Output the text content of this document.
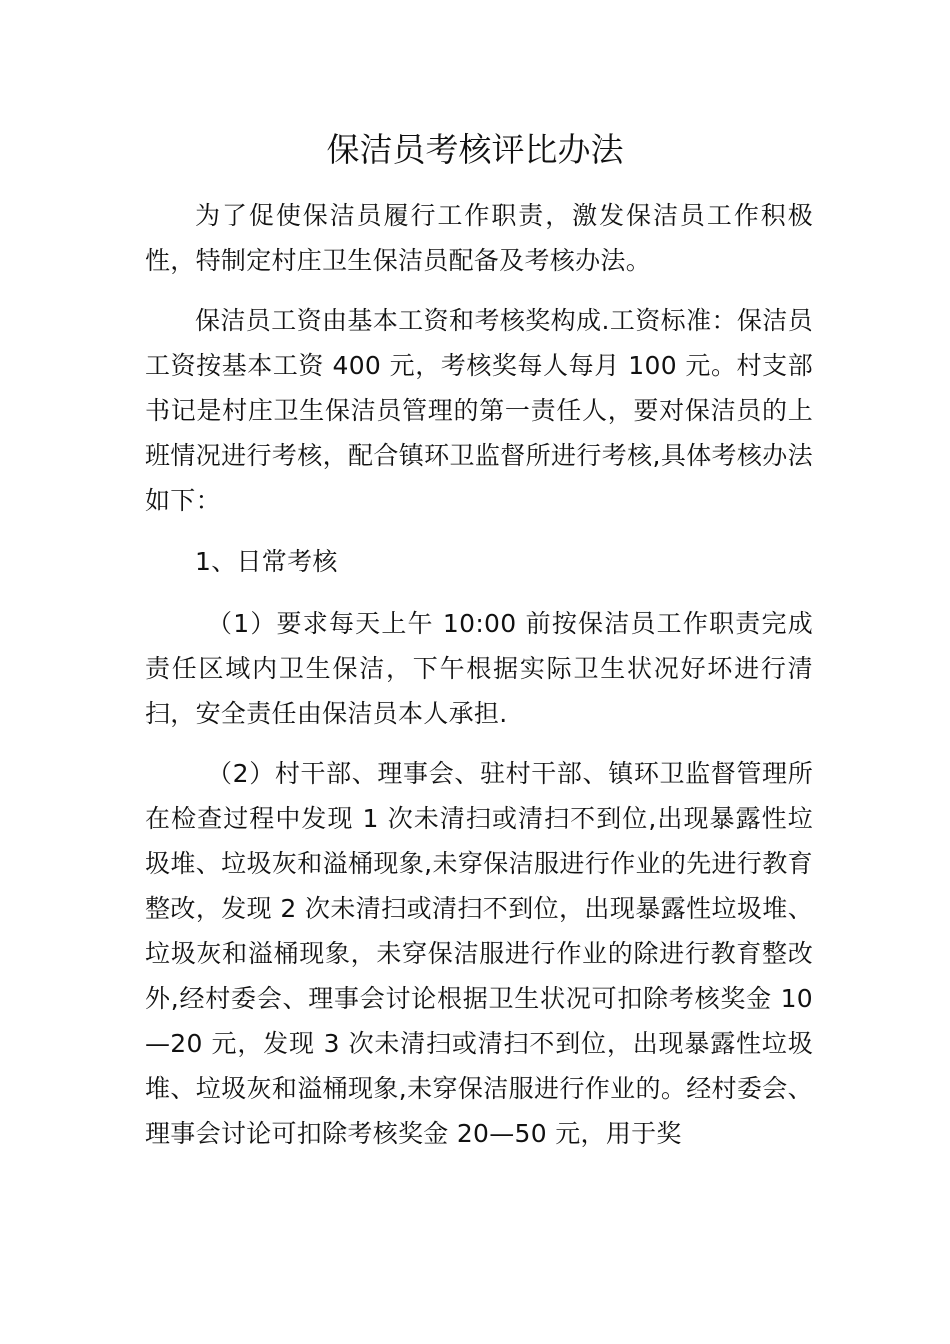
保洁员考核评比办法

为了促使保洁员履行工作职责，激发保洁员工作积极性，特制定村庄卫生保洁员配备及考核办法。

保洁员工资由基本工资和考核奖构成.工资标准：保洁员工资按基本工资 400 元，考核奖每人每月 100 元。村支部书记是村庄卫生保洁员管理的第一责任人，要对保洁员的上班情况进行考核，配合镇环卫监督所进行考核,具体考核办法如下：

1、日常考核

（1）要求每天上午 10:00 前按保洁员工作职责完成责任区域内卫生保洁，下午根据实际卫生状况好坏进行清扫，安全责任由保洁员本人承担.

（2）村干部、理事会、驻村干部、镇环卫监督管理所在检查过程中发现 1 次未清扫或清扫不到位,出现暴露性垃圾堆、垃圾灰和溢桶现象,未穿保洁服进行作业的先进行教育整改，发现 2 次未清扫或清扫不到位，出现暴露性垃圾堆、垃圾灰和溢桶现象，未穿保洁服进行作业的除进行教育整改外,经村委会、理事会讨论根据卫生状况可扣除考核奖金 10—20 元，发现 3 次未清扫或清扫不到位，出现暴露性垃圾堆、垃圾灰和溢桶现象,未穿保洁服进行作业的。经村委会、理事会讨论可扣除考核奖金 20—50 元，用于奖
